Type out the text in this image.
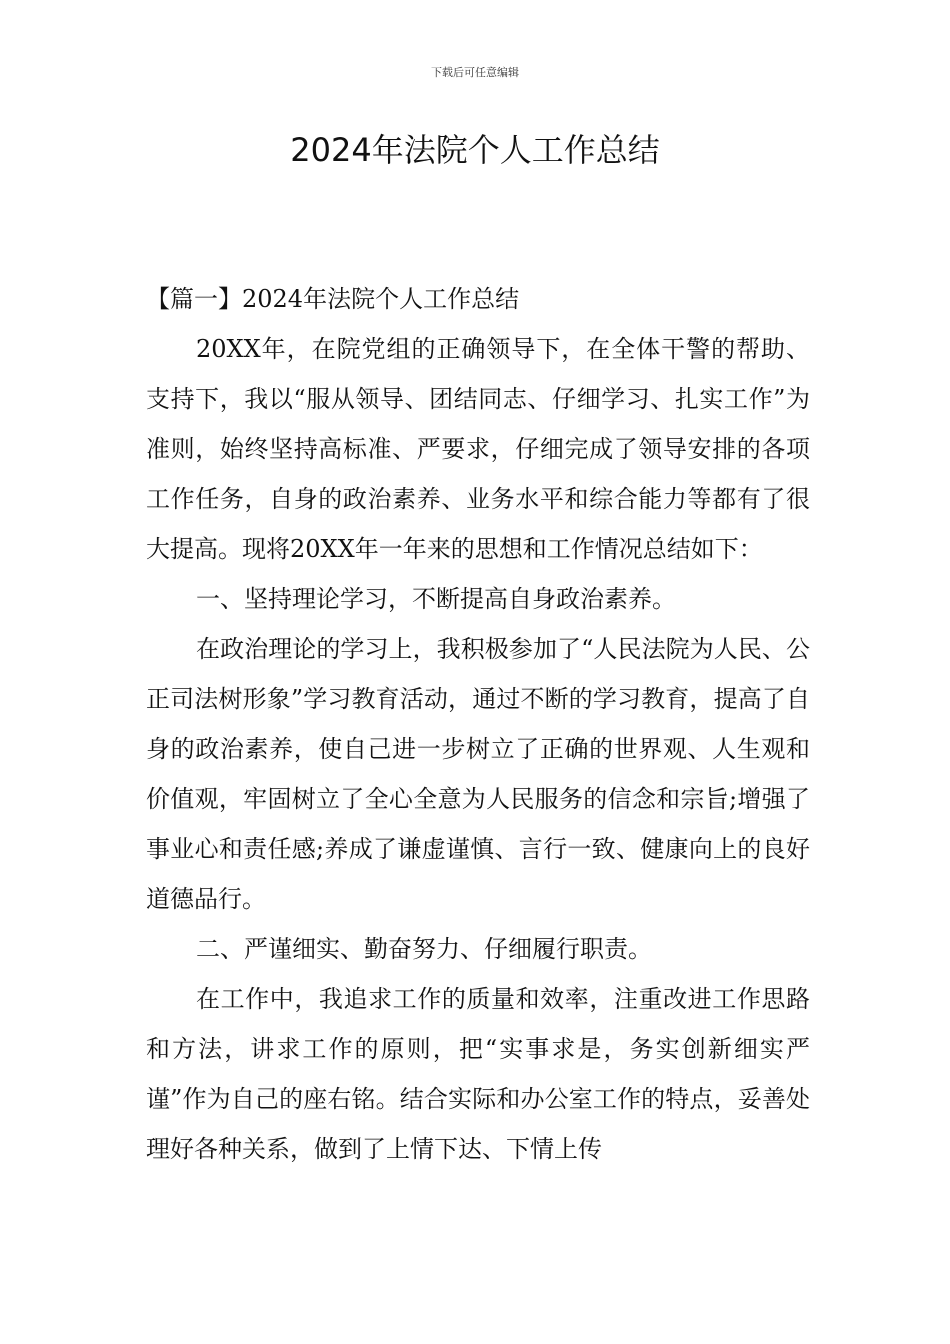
下载后可任意编辑
2024年法院个人工作总结

【篇一】2024年法院个人工作总结

20XX年，在院党组的正确领导下，在全体干警的帮助、支持下，我以“服从领导、团结同志、仔细学习、扎实工作”为准则，始终坚持高标准、严要求，仔细完成了领导安排的各项工作任务，自身的政治素养、业务水平和综合能力等都有了很大提高。现将20XX年一年来的思想和工作情况总结如下：

一、坚持理论学习，不断提高自身政治素养。

在政治理论的学习上，我积极参加了“人民法院为人民、公正司法树形象”学习教育活动，通过不断的学习教育，提高了自身的政治素养，使自己进一步树立了正确的世界观、人生观和价值观，牢固树立了全心全意为人民服务的信念和宗旨;增强了事业心和责任感;养成了谦虚谨慎、言行一致、健康向上的良好道德品行。

二、严谨细实、勤奋努力、仔细履行职责。

在工作中，我追求工作的质量和效率，注重改进工作思路和方法，讲求工作的原则，把“实事求是，务实创新细实严谨”作为自己的座右铭。结合实际和办公室工作的特点，妥善处理好各种关系，做到了上情下达、下情上传
